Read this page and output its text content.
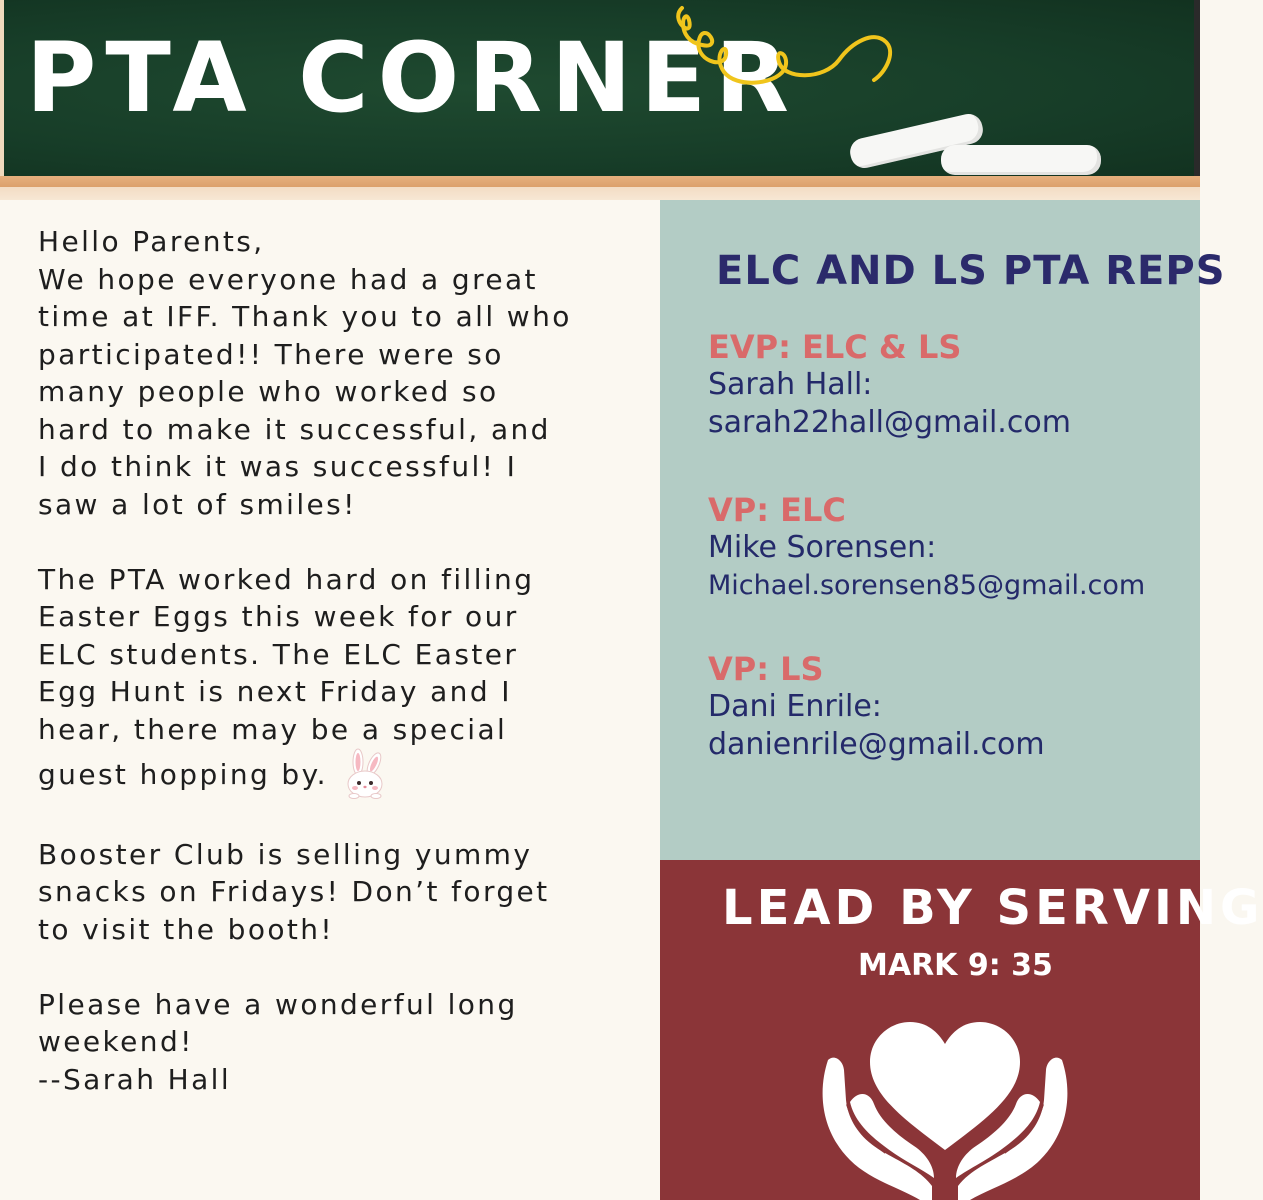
PTA CORNER

Hello Parents,

We hope everyone had a great

time at IFF. Thank you to all who

participated!! There were so

many people who worked so

hard to make it successful, and

I do think it was successful! I

saw a lot of smiles!

The PTA worked hard on filling

Easter Eggs this week for our

ELC students. The ELC Easter

Egg Hunt is next Friday and I

hear, there may be a special

guest hopping by.

Booster Club is selling yummy

snacks on Fridays! Don’t forget

to visit the booth!

Please have a wonderful long

weekend!

--Sarah Hall

ELC AND LS PTA REPS
EVP: ELC & LS
Sarah Hall:
sarah22hall@gmail.com
VP: ELC
Mike Sorensen:
Michael.sorensen85@gmail.com
VP: LS
Dani Enrile:
danienrile@gmail.com
LEAD BY SERVING
MARK 9: 35
